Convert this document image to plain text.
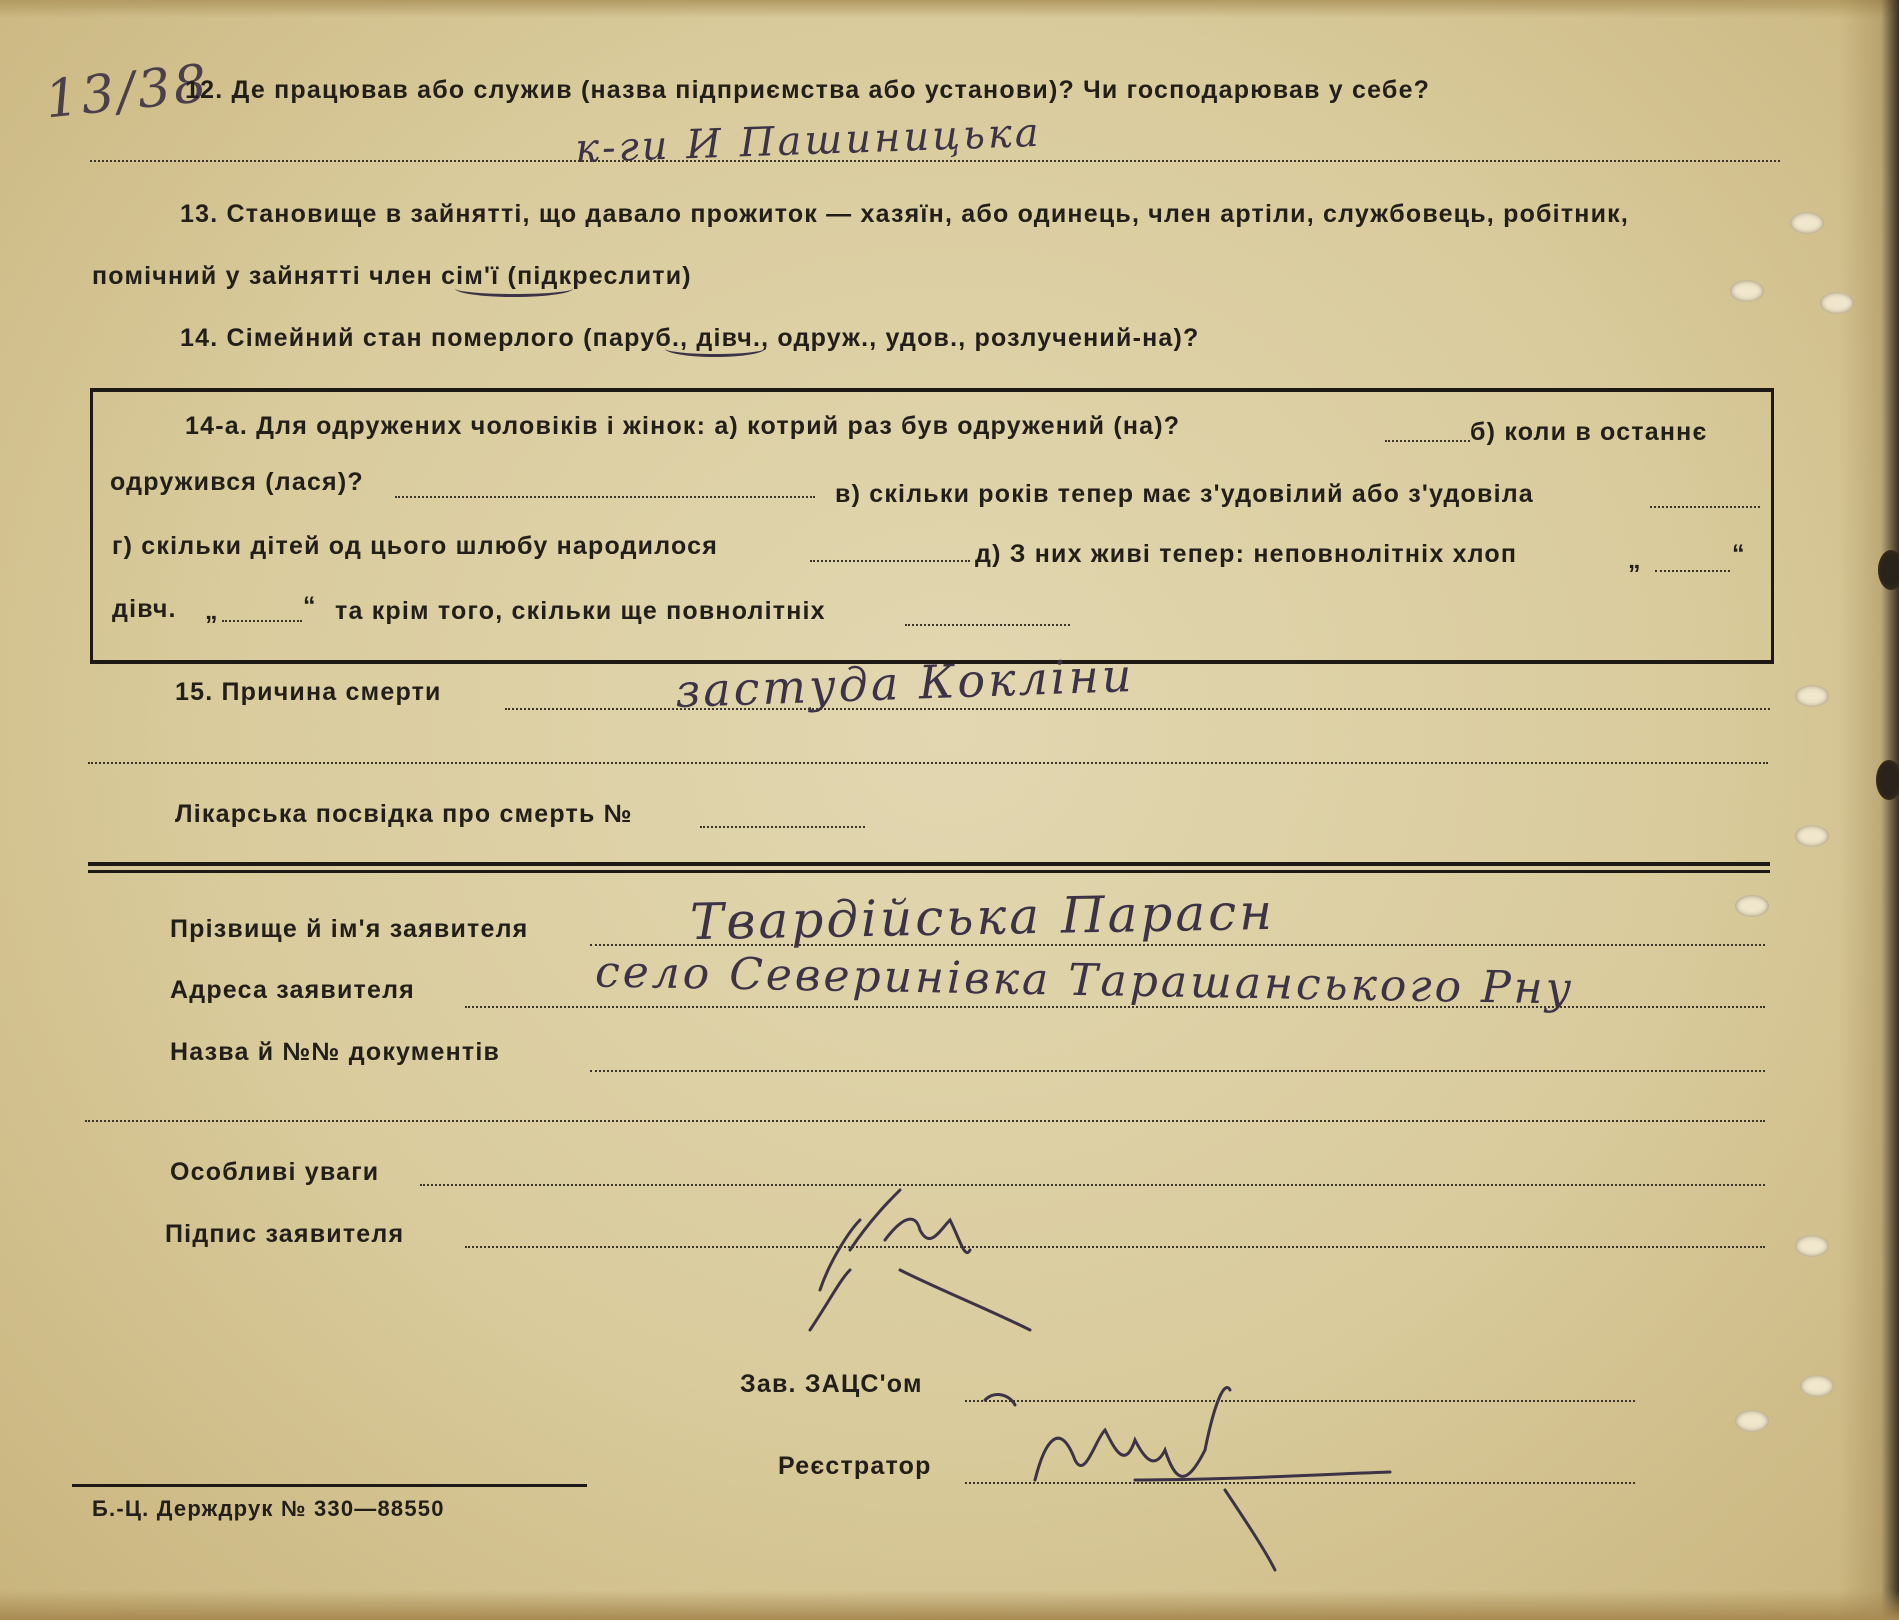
13/38
12. Де працював або служив (назва підприємства або установи)? Чи господарював у себе?
к-ги И Пашиницька
13. Становище в зайнятті, що давало прожиток — хазяїн, або одинець, член артіли, службовець, робітник,
помічний у зайнятті член сім'ї (підкреслити)
14. Сімейний стан померлого (паруб., дівч., одруж., удов., розлучений-на)?
14-а. Для одружених чоловіків і жінок: а) котрий раз був одружений (на)?	б) коли в останнє
одружився (лася)?	в) скільки років тепер має з'удовілий або з'удовіла
г) скільки дітей од цього шлюбу народилося	д) З них живі тепер: неповнолітніх хлоп	„	“
дівч. „	“ та крім того, скільки ще повнолітніх
15. Причина смерти	застуда Кокліни
Лікарська посвідка про смерть №
Прізвище й ім'я заявителя	Твардійська Парасн
Адреса заявителя	село Северинівка Тарашанського Рну
Назва й №№ документів
Особливі уваги
Підпис заявителя
Зав. ЗАЦС'ом
Реєстратор
Б.-Ц. Держдрук № 330—88550
